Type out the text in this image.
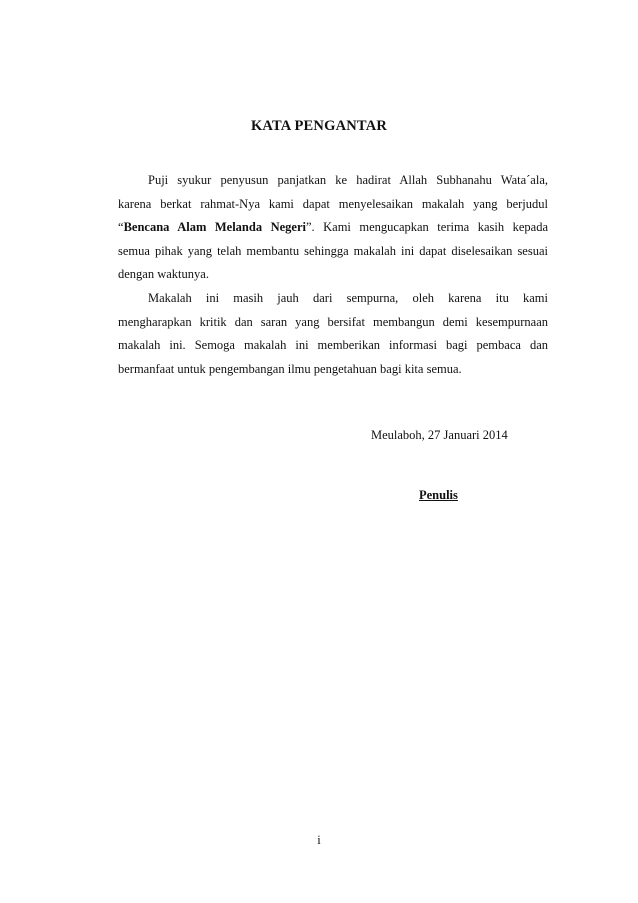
KATA PENGANTAR
Puji syukur penyusun panjatkan ke hadirat Allah Subhanahu Wata´ala,
karena berkat rahmat-Nya kami dapat menyelesaikan makalah yang berjudul
“Bencana Alam Melanda Negeri”. Kami mengucapkan terima kasih kepada
semua pihak yang telah membantu sehingga makalah ini dapat diselesaikan sesuai
dengan waktunya.
Makalah ini masih jauh dari sempurna, oleh karena itu kami
mengharapkan kritik dan saran yang bersifat membangun demi kesempurnaan
makalah ini. Semoga makalah ini memberikan informasi bagi pembaca dan
bermanfaat untuk pengembangan ilmu pengetahuan bagi kita semua.
Meulaboh, 27 Januari 2014
Penulis
i
